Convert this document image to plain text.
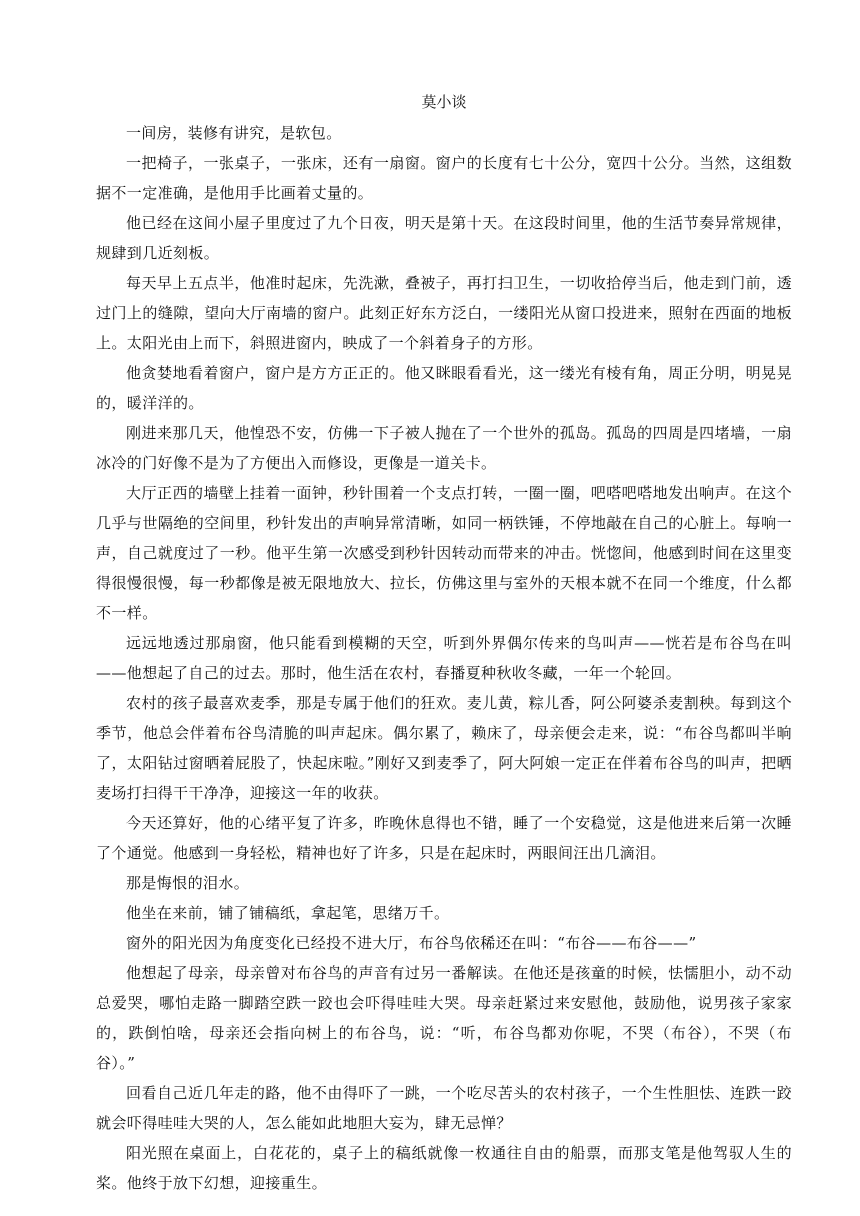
莫小谈

一间房，装修有讲究，是软包。

一把椅子，一张桌子，一张床，还有一扇窗。窗户的长度有七十公分，宽四十公分。当然，这组数据不一定准确，是他用手比画着丈量的。

他已经在这间小屋子里度过了九个日夜，明天是第十天。在这段时间里，他的生活节奏异常规律，规肆到几近刻板。

每天早上五点半，他准时起床，先洗漱，叠被子，再打扫卫生，一切收拾停当后，他走到门前，透过门上的缝隙，望向大厅南墙的窗户。此刻正好东方泛白，一缕阳光从窗口投进来，照射在西面的地板上。太阳光由上而下，斜照进窗内，映成了一个斜着身子的方形。

他贪婪地看着窗户，窗户是方方正正的。他又眯眼看看光，这一缕光有棱有角，周正分明，明晃晃的，暖洋洋的。

刚进来那几天，他惶恐不安，仿佛一下子被人抛在了一个世外的孤岛。孤岛的四周是四堵墙，一扇冰冷的门好像不是为了方便出入而修设，更像是一道关卡。

大厅正西的墙壁上挂着一面钟，秒针围着一个支点打转，一圈一圈，吧嗒吧嗒地发出响声。在这个几乎与世隔绝的空间里，秒针发出的声响异常清晰，如同一柄铁锤，不停地敲在自己的心脏上。每响一声，自己就度过了一秒。他平生第一次感受到秒针因转动而带来的冲击。恍惚间，他感到时间在这里变得很慢很慢，每一秒都像是被无限地放大、拉长，仿佛这里与室外的天根本就不在同一个维度，什么都不一样。

远远地透过那扇窗，他只能看到模糊的天空，听到外界偶尔传来的鸟叫声——恍若是布谷鸟在叫——他想起了自己的过去。那时，他生活在农村，春播夏种秋收冬藏，一年一个轮回。

农村的孩子最喜欢麦季，那是专属于他们的狂欢。麦儿黄，粽儿香，阿公阿婆杀麦割秧。每到这个季节，他总会伴着布谷鸟清脆的叫声起床。偶尔累了，赖床了，母亲便会走来，说：“布谷鸟都叫半晌了，太阳钻过窗晒着屁股了，快起床啦。”刚好又到麦季了，阿大阿娘一定正在伴着布谷鸟的叫声，把晒麦场打扫得干干净净，迎接这一年的收获。

今天还算好，他的心绪平复了许多，昨晚休息得也不错，睡了一个安稳觉，这是他进来后第一次睡了个通觉。他感到一身轻松，精神也好了许多，只是在起床时，两眼间汪出几滴泪。

那是悔恨的泪水。

他坐在来前，铺了铺稿纸，拿起笔，思绪万千。

窗外的阳光因为角度变化已经投不进大厅，布谷鸟依稀还在叫：“布谷——布谷——”

他想起了母亲，母亲曾对布谷鸟的声音有过另一番解读。在他还是孩童的时候，怯懦胆小，动不动总爱哭，哪怕走路一脚踏空跌一跤也会吓得哇哇大哭。母亲赶紧过来安慰他，鼓励他，说男孩子家家的，跌倒怕啥，母亲还会指向树上的布谷鸟，说：“听，布谷鸟都劝你呢，不哭（布谷），不哭（布谷）。”

回看自己近几年走的路，他不由得吓了一跳，一个吃尽苦头的农村孩子，一个生性胆怯、连跌一跤就会吓得哇哇大哭的人，怎么能如此地胆大妄为，肆无忌惮？

阳光照在桌面上，白花花的，桌子上的稿纸就像一枚通往自由的船票，而那支笔是他驾驭人生的桨。他终于放下幻想，迎接重生。
